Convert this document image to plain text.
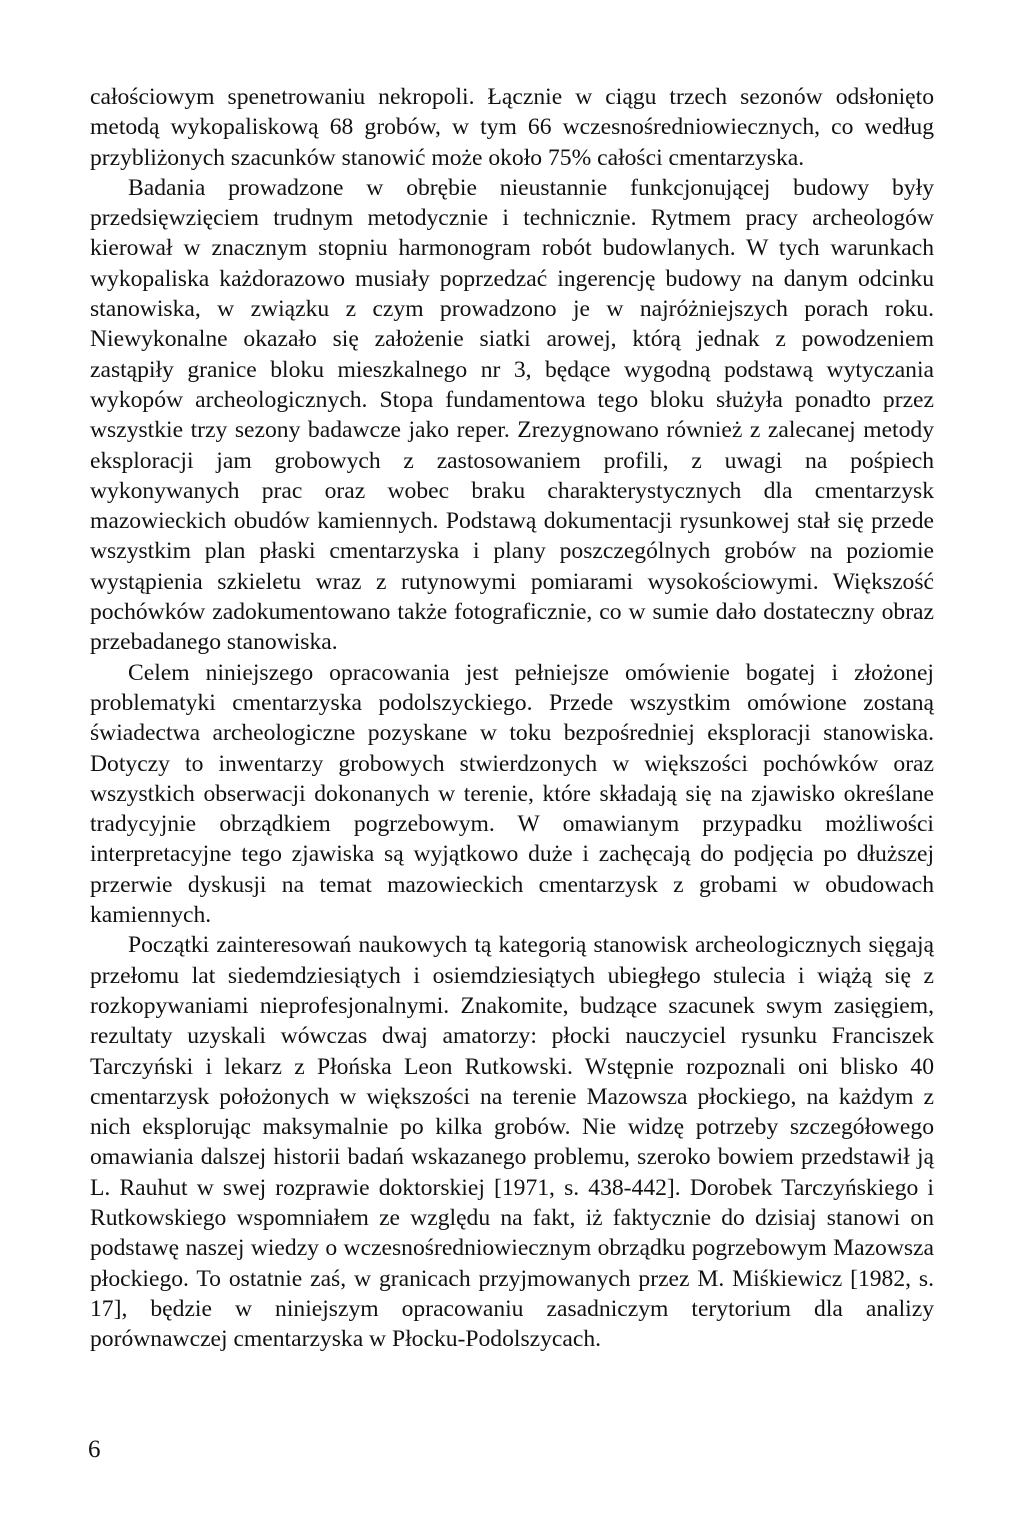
całościowym spenetrowaniu nekropoli. Łącznie w ciągu trzech sezonów odsłonięto metodą wykopaliskową 68 grobów, w tym 66 wczesnośredniowiecznych, co według przybliżonych szacunków stanowić może około 75% całości cmentarzyska.

Badania prowadzone w obrębie nieustannie funkcjonującej budowy były przedsięwzięciem trudnym metodycznie i technicznie. Rytmem pracy archeologów kierował w znacznym stopniu harmonogram robót budowlanych. W tych warunkach wykopaliska każdorazowo musiały poprzedzać ingerencję budowy na danym odcinku stanowiska, w związku z czym prowadzono je w najróżniejszych porach roku. Niewykonalne okazało się założenie siatki arowej, którą jednak z powodzeniem zastąpiły granice bloku mieszkalnego nr 3, będące wygodną podstawą wytyczania wykopów archeologicznych. Stopa fundamentowa tego bloku służyła ponadto przez wszystkie trzy sezony badawcze jako reper. Zrezygnowano również z zalecanej metody eksploracji jam grobowych z zastosowaniem profili, z uwagi na pośpiech wykonywanych prac oraz wobec braku charakterystycznych dla cmentarzysk mazowieckich obudów kamiennych. Podstawą dokumentacji rysunkowej stał się przede wszystkim plan płaski cmentarzyska i plany poszczególnych grobów na poziomie wystąpienia szkieletu wraz z rutynowymi pomiarami wysokościowymi. Większość pochówków zadokumentowano także fotograficznie, co w sumie dało dostateczny obraz przebadanego stanowiska.

Celem niniejszego opracowania jest pełniejsze omówienie bogatej i złożonej problematyki cmentarzyska podolszyckiego. Przede wszystkim omówione zostaną świadectwa archeologiczne pozyskane w toku bezpośredniej eksploracji stanowiska. Dotyczy to inwentarzy grobowych stwierdzonych w większości pochówków oraz wszystkich obserwacji dokonanych w terenie, które składają się na zjawisko określane tradycyjnie obrządkiem pogrzebowym. W omawianym przypadku możliwości interpretacyjne tego zjawiska są wyjątkowo duże i zachęcają do podjęcia po dłuższej przerwie dyskusji na temat mazowieckich cmentarzysk z grobami w obudowach kamiennych.

Początki zainteresowań naukowych tą kategorią stanowisk archeologicznych sięgają przełomu lat siedemdziesiątych i osiemdziesiątych ubiegłego stulecia i wiążą się z rozkopywaniami nieprofesjonalnymi. Znakomite, budzące szacunek swym zasięgiem, rezultaty uzyskali wówczas dwaj amatorzy: płocki nauczyciel rysunku Franciszek Tarczyński i lekarz z Płońska Leon Rutkowski. Wstępnie rozpoznali oni blisko 40 cmentarzysk położonych w większości na terenie Mazowsza płockiego, na każdym z nich eksplorując maksymalnie po kilka grobów. Nie widzę potrzeby szczegółowego omawiania dalszej historii badań wskazanego problemu, szeroko bowiem przedstawił ją L. Rauhut w swej rozprawie doktorskiej [1971, s. 438-442]. Dorobek Tarczyńskiego i Rutkowskiego wspomniałem ze względu na fakt, iż faktycznie do dzisiaj stanowi on podstawę naszej wiedzy o wczesnośredniowiecznym obrządku pogrzebowym Mazowsza płockiego. To ostatnie zaś, w granicach przyjmowanych przez M. Miśkiewicz [1982, s. 17], będzie w niniejszym opracowaniu zasadniczym terytorium dla analizy porównawczej cmentarzyska w Płocku-Podolszycach.

6
